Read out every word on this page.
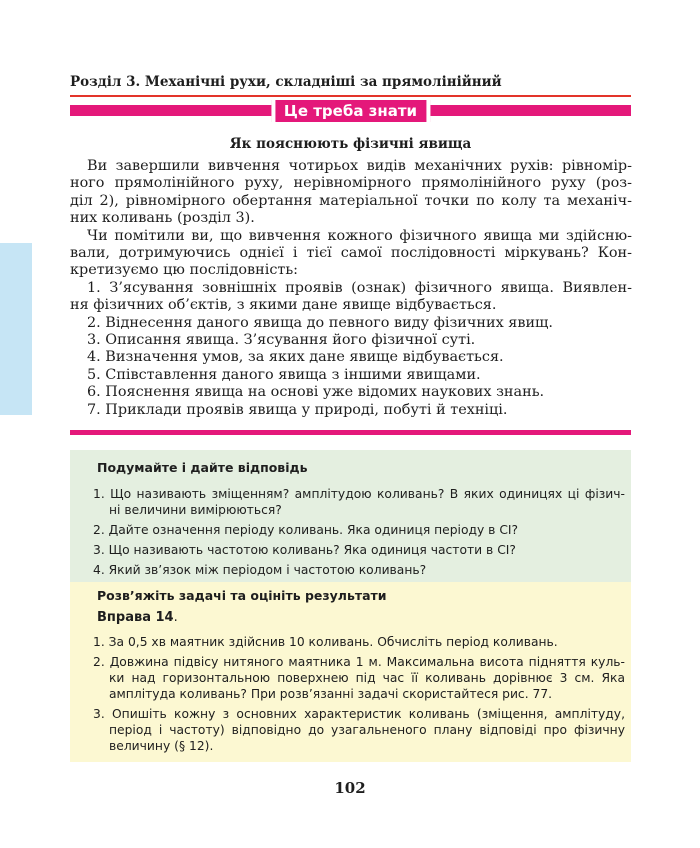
Розділ 3. Механічні рухи, складніші за прямолінійний
Це треба знати
Як пояснюють фізичні явища
Ви завершили вивчення чотирьох видів механічних рухів: рівномір-
ного прямолінійного руху, нерівномірного прямолінійного руху (роз-
діл 2), рівномірного обертання матеріальної точки по колу та механіч-
них коливань (розділ 3).
Чи помітили ви, що вивчення кожного фізичного явища ми здійсню-
вали, дотримуючись однієї і тієї самої послідовності міркувань? Кон-
кретизуємо цю послідовність:
1. З’ясування зовнішніх проявів (ознак) фізичного явища. Виявлен-
ня фізичних об’єктів, з якими дане явище відбувається.
2. Віднесення даного явища до певного виду фізичних явищ.
3. Описання явища. З’ясування його фізичної суті.
4. Визначення умов, за яких дане явище відбувається.
5. Співставлення даного явища з іншими явищами.
6. Пояснення явища на основі уже відомих наукових знань.
7. Приклади проявів явища у природі, побуті й техніці.
Подумайте і дайте відповідь
1. Що називають зміщенням? амплітудою коливань? В яких одиницях ці фізич-
ні величини вимірюються?
2. Дайте означення періоду коливань. Яка одиниця періоду в СІ?
3. Що називають частотою коливань? Яка одиниця частоти в СІ?
4. Який зв’язок між періодом і частотою коливань?
Розв’яжіть задачі та оцініть результати
Вправа 14.
1. За 0,5 хв маятник здійснив 10 коливань. Обчисліть період коливань.
2. Довжина підвісу нитяного маятника 1 м. Максимальна висота підняття куль-
ки над горизонтальною поверхнею під час її коливань дорівнює 3 см. Яка
амплітуда коливань? При розв’язанні задачі скористайтеся рис. 77.
3. Опишіть кожну з основних характеристик коливань (зміщення, амплітуду,
період і частоту) відповідно до узагальненого плану відповіді про фізичну
величину (§ 12).
102
